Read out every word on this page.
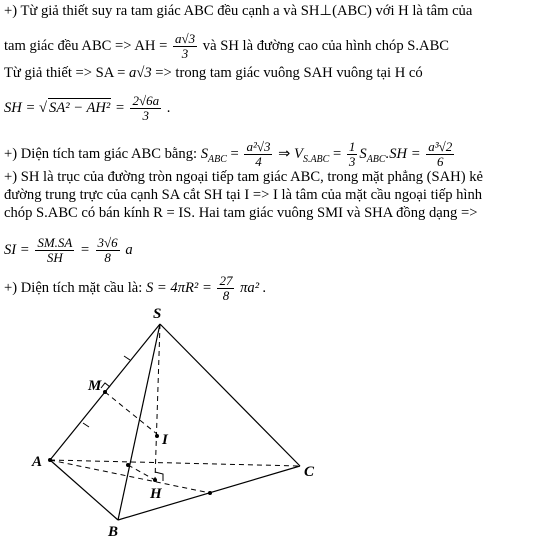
+) Từ giả thiết suy ra tam giác ABC đều cạnh a và SH⊥(ABC) với H là tâm của
tam giác đều ABC => AH = $\frac{a√3}{3}$ và SH là đường cao của hình chóp S.ABC
Từ giả thiết => SA = a√3 => trong tam giác vuông SAH vuông tại H có
SH = √ $SA^2 - AH^2 = \frac{2√6a}{3}$ .
+) Diện tích tam giác ABC bằng: $S_{ABC} = \frac{\text{a²√3}}{4}$ ⇒ $V_{S.ABC} = \frac{1}{3} S_{ABC}.SH = \frac{\text{a³√2}}{6}$
+) SH là trục của đường tròn ngoại tiếp tam giác ABC, trong mặt phẳng (SAH) kẻ
đường trung trực của cạnh SA cắt SH tại I => I là tâm của mặt cầu ngoại tiếp hình
chóp S.ABC có bán kính R = IS. Hai tam giác vuông SMI và SHA đồng dạng =>
SI = $\frac{SM.SA}{SH} = \frac{3√6}{8}$ a
+) Diện tích mặt cầu là: $S = 4\pi R^2 = \frac{27}{8} \pi a^2$ .
S
M
I
A
C
H
B
